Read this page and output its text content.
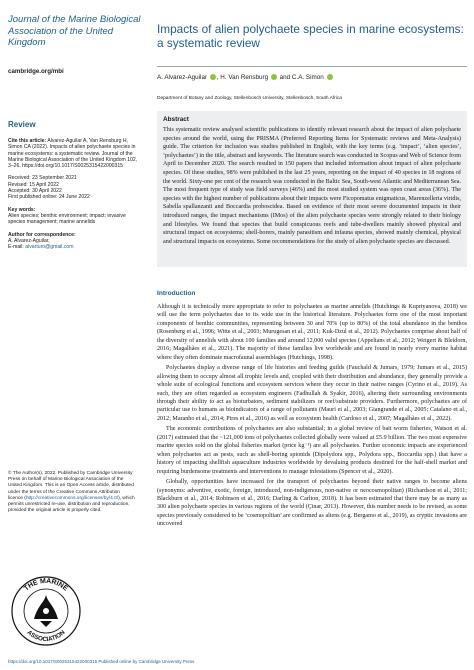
Journal of the Marine Biological Association of the United Kingdom
cambridge.org/mbi
Review
Cite this article: Alvarez-Aguilar A, Van Rensburg H, Simon CA (2022). Impacts of alien polychaete species in marine ecosystems: a systematic review. Journal of the Marine Biological Association of the United Kingdom 102, 3–26. https://doi.org/10.1017/S0025315422000315
Received: 23 September 2021
Revised: 15 April 2022
Accepted: 30 April 2022
First published online: 24 June 2022
Key words:
Alien species; benthic environment; impact; invasive species management; marine annelids
Author for correspondence:
A. Alvarez-Aguilar,
E-mail: alvarturo@gmail.com
© The Author(s), 2022. Published by Cambridge University Press on behalf of Marine Biological Association of the United Kingdom. This is an Open Access article, distributed under the terms of the Creative Commons Attribution licence (http://creativecommons.org/licenses/by/4.0/), which permits unrestricted re-use, distribution and reproduction, provided the original article is properly cited.
THE MARINE
ASSOCIATION
Impacts of alien polychaete species in marine ecosystems: a systematic review
A. Alvarez-Aguilar , H. Van Rensburg  and C.A. Simon
Department of Botany and Zoology, Stellenbosch University, Stellenbosch, South Africa
Abstract
This systematic review analysed scientific publications to identify relevant research about the impact of alien polychaete species around the world, using the PRISMA (Preferred Reporting Items for Systematic reviews and Meta-Analysis) guide. The criterion for inclusion was studies published in English, with the key terms (e.g. ‘impact’, ‘alien species’, ‘polychaetes’) in the title, abstract and keywords. The literature search was conducted in Scopus and Web of Science from April to December 2020. The search resulted in 150 papers that included information about impact of alien polychaete species. Of these studies, 98% were published in the last 25 years, reporting on the impact of 40 species in 18 regions of the world. Sixty-one per cent of the research was conducted in the Baltic Sea, South-west Atlantic and Mediterranean Sea. The most frequent type of study was field surveys (46%) and the most studied system was open coast areas (36%). The species with the highest number of publications about their impacts were Ficopomatus enigmaticus, Marenzelleria viridis, Sabella spallanzanii and Boccardia proboscidea. Based on evidence of their most severe documented impacts in their introduced ranges, the impact mechanisms (IMos) of the alien polychaete species were strongly related to their biology and lifestyles. We found that species that build conspicuous reefs and tube-dwellers mainly showed physical and structural impact on ecosystems; shell-borers, mainly parasitism and infauna species, showed mainly chemical, physical and structural impacts on ecosystems. Some recommendations for the study of alien polychaete species are discussed.
Introduction

Although it is technically more appropriate to refer to polychaetes as marine annelids (Hutchings & Kupriyanova, 2018) we will use the term polychaetes due to its wide use in the historical literature. Polychaetes form one of the most important components of benthic communities, representing between 30 and 70% (up to 80%) of the total abundance in the benthos (Rosenberg et al., 1996; Witte et al., 2003; Murugesan et al., 2011; Kuk-Dzul et al., 2012). Polychaetes comprise about half of the diversity of annelids with about 100 families and around 12,000 valid species (Appeltans et al., 2012; Weigert & Bleidorn, 2016; Magalhães et al., 2021). The majority of these families live worldwide and are found in nearly every marine habitat where they often dominate macrofaunal assemblages (Hutchings, 1998).

Polychaetes display a diverse range of life histories and feeding guilds (Fauchald & Jumars, 1979; Jumars et al., 2015) allowing them to occupy almost all trophic levels and, coupled with their distribution and abundance, they generally provide a whole suite of ecological functions and ecosystem services where they occur in their native ranges (Cyrino et al., 2019). As such, they are often regarded as ecosystem engineers (Fadhullah & Syakir, 2016), altering their surrounding environments through their ability to act as bioturbators, sediment stabilizers or reef/substrate providers. Furthermore, polychaetes are of particular use to humans as bioindicators of a range of pollutants (Mauri et al., 2003; Giangrande et al., 2005; Catalano et al., 2012; Maranho et al., 2014; Pires et al., 2016) as well as ecosystem health (Cardoso et al., 2007; Magalhães et al., 2022).

The economic contributions of polychaetes are also substantial; in a global review of bait worm fisheries, Watson et al. (2017) estimated that the ~121,000 tons of polychaetes collected globally were valued at £5.9 billion. The two most expensive marine species sold on the global fisheries market (price kg⁻¹) are all polychaetes. Further economic impacts are experienced when polychaetes act as pests, such as shell-boring spionids (Dipolydora spp., Polydora spp., Boccardia spp.) that have a history of impacting shellfish aquaculture industries worldwide by devaluing products destined for the half-shell market and requiring burdensome treatments and interventions to manage infestations (Spencer et al., 2020).

Globally, opportunities have increased for the transport of polychaetes beyond their native ranges to become aliens (synonyms: adventive, exotic, foreign, introduced, non-indigenous, non-native or neocosmopolitan) (Richardson et al., 2011; Blackburn et al., 2014; Robinson et al., 2016; Darling & Carlton, 2018). It has been estimated that there may be as many as 300 alien polychaete species in various regions of the world (Çinar, 2013). However, this number needs to be revised, as some species previously considered to be ‘cosmopolitan’ are confirmed as aliens (e.g. Bergamo et al., 2019), as cryptic invasions are uncovered

https://doi.org/10.1017/S0025315422000315 Published online by Cambridge University Press
